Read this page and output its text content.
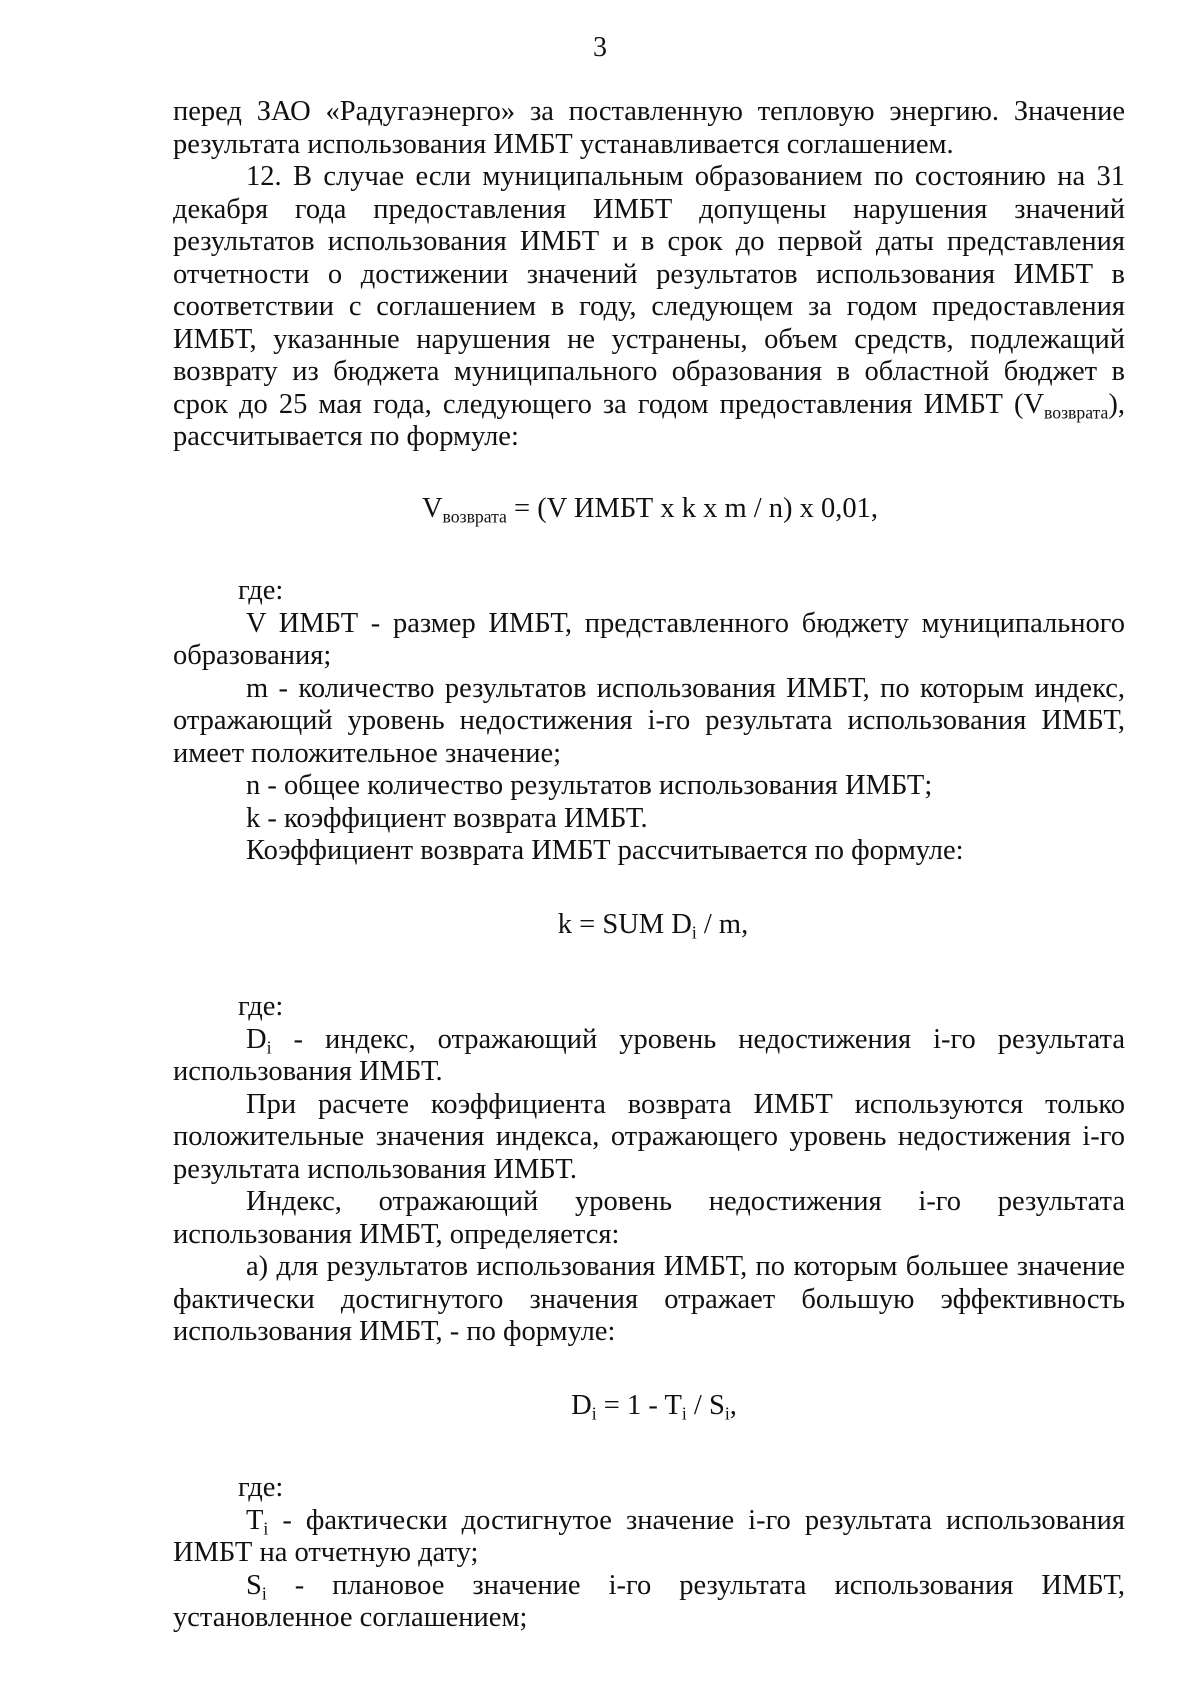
3

перед ЗАО «Радугаэнерго» за поставленную тепловую энергию. Значение результата использования ИМБТ устанавливается соглашением.

12. В случае если муниципальным образованием по состоянию на 31 декабря года предоставления ИМБТ допущены нарушения значений результатов использования ИМБТ и в срок до первой даты представления отчетности о достижении значений результатов использования ИМБТ в соответствии с соглашением в году, следующем за годом предоставления ИМБТ, указанные нарушения не устранены, объем средств, подлежащий возврату из бюджета муниципального образования в областной бюджет в срок до 25 мая года, следующего за годом предоставления ИМБТ $(V_{возврата})$, рассчитывается по формуле:

$V_{возврата} = (V$ ИМБТ x k x m / n) x 0,01,

где:

V ИМБТ - размер ИМБТ, представленного бюджету муниципального образования;

m - количество результатов использования ИМБТ, по которым индекс, отражающий уровень недостижения i-го результата использования ИМБТ, имеет положительное значение;

n - общее количество результатов использования ИМБТ;

k - коэффициент возврата ИМБТ.

Коэффициент возврата ИМБТ рассчитывается по формуле:

k = SUM $D_i$ / m,

где:

$D_i$ - индекс, отражающий уровень недостижения i-го результата использования ИМБТ.

При расчете коэффициента возврата ИМБТ используются только положительные значения индекса, отражающего уровень недостижения i-го результата использования ИМБТ.

Индекс, отражающий уровень недостижения i-го результата использования ИМБТ, определяется:

а) для результатов использования ИМБТ, по которым большее значение фактически достигнутого значения отражает большую эффективность использования ИМБТ, - по формуле:

$D_i = 1 - T_i / S_i$,

где:

$T_i$ - фактически достигнутое значение i-го результата использования ИМБТ на отчетную дату;

$S_i$ - плановое значение i-го результата использования ИМБТ, установленное соглашением;
